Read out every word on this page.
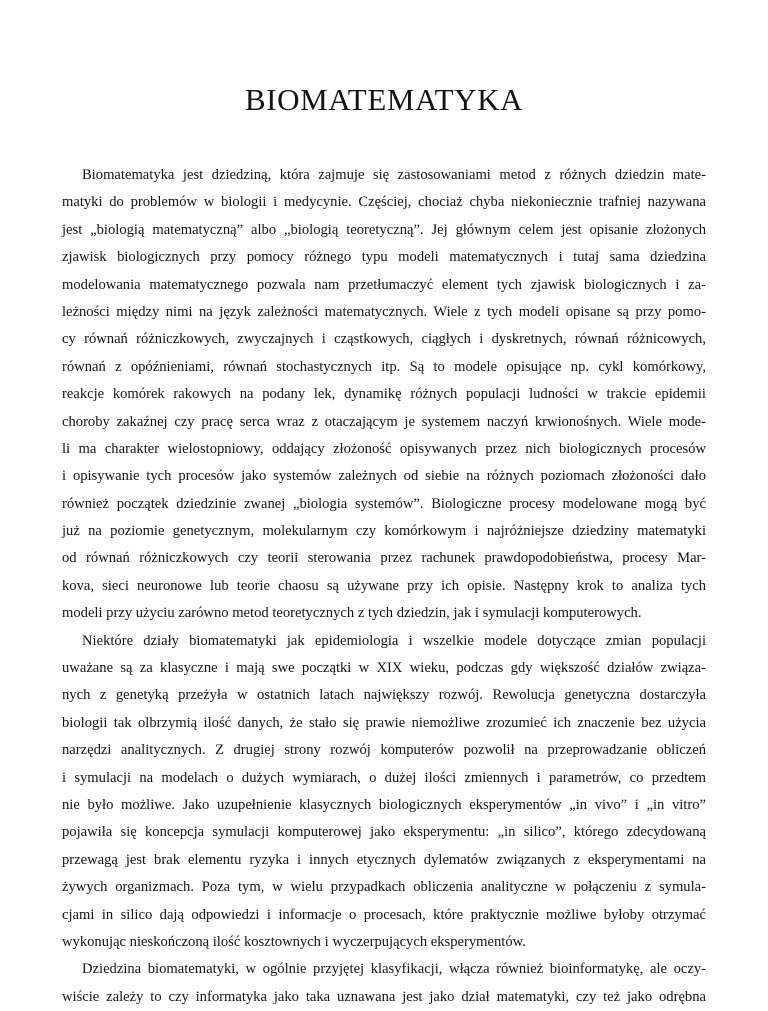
BIOMATEMATYKA
Biomatematyka jest dziedziną, która zajmuje się zastosowaniami metod z różnych dziedzin mate-
matyki do problemów w biologii i medycynie. Częściej, chociaż chyba niekoniecznie trafniej nazywana
jest „biologią matematyczną” albo „biologią teoretyczną”. Jej głównym celem jest opisanie złożonych
zjawisk biologicznych przy pomocy różnego typu modeli matematycznych i tutaj sama dziedzina
modelowania matematycznego pozwala nam przetłumaczyć element tych zjawisk biologicznych i za-
leżności między nimi na język zależności matematycznych. Wiele z tych modeli opisane są przy pomo-
cy równań różniczkowych, zwyczajnych i cząstkowych, ciągłych i dyskretnych, równań różnicowych,
równań z opóźnieniami, równań stochastycznych itp. Są to modele opisujące np. cykl komórkowy,
reakcje komórek rakowych na podany lek, dynamikę różnych populacji ludności w trakcie epidemii
choroby zakaźnej czy pracę serca wraz z otaczającym je systemem naczyń krwionośnych. Wiele mode-
li ma charakter wielostopniowy, oddający złożoność opisywanych przez nich biologicznych procesów
i opisywanie tych procesów jako systemów zależnych od siebie na różnych poziomach złożoności dało
również początek dziedzinie zwanej „biologia systemów”. Biologiczne procesy modelowane mogą być
już na poziomie genetycznym, molekularnym czy komórkowym i najróżniejsze dziedziny matematyki
od równań różniczkowych czy teorii sterowania przez rachunek prawdopodobieństwa, procesy Mar-
kova, sieci neuronowe lub teorie chaosu są używane przy ich opisie. Następny krok to analiza tych
modeli przy użyciu zarówno metod teoretycznych z tych dziedzin, jak i symulacji komputerowych.
Niektóre działy biomatematyki jak epidemiologia i wszelkie modele dotyczące zmian populacji
uważane są za klasyczne i mają swe początki w XIX wieku, podczas gdy większość działów związa-
nych z genetyką przeżyła w ostatnich latach największy rozwój. Rewolucja genetyczna dostarczyła
biologii tak olbrzymią ilość danych, że stało się prawie niemożliwe zrozumieć ich znaczenie bez użycia
narzędzi analitycznych. Z drugiej strony rozwój komputerów pozwolił na przeprowadzanie obliczeń
i symulacji na modelach o dużych wymiarach, o dużej ilości zmiennych i parametrów, co przedtem
nie było możliwe. Jako uzupełnienie klasycznych biologicznych eksperymentów „in vivo” i „in vitro”
pojawiła się koncepcja symulacji komputerowej jako eksperymentu: „in silico”, którego zdecydowaną
przewagą jest brak elementu ryzyka i innych etycznych dylematów związanych z eksperymentami na
żywych organizmach. Poza tym, w wielu przypadkach obliczenia analityczne w połączeniu z symula-
cjami in silico dają odpowiedzi i informacje o procesach, które praktycznie możliwe byłoby otrzymać
wykonując nieskończoną ilość kosztownych i wyczerpujących eksperymentów.
Dziedzina biomatematyki, w ogólnie przyjętej klasyfikacji, włącza również bioinformatykę, ale oczy-
wiście zależy to czy informatyka jako taka uznawana jest jako dział matematyki, czy też jako odrębna
